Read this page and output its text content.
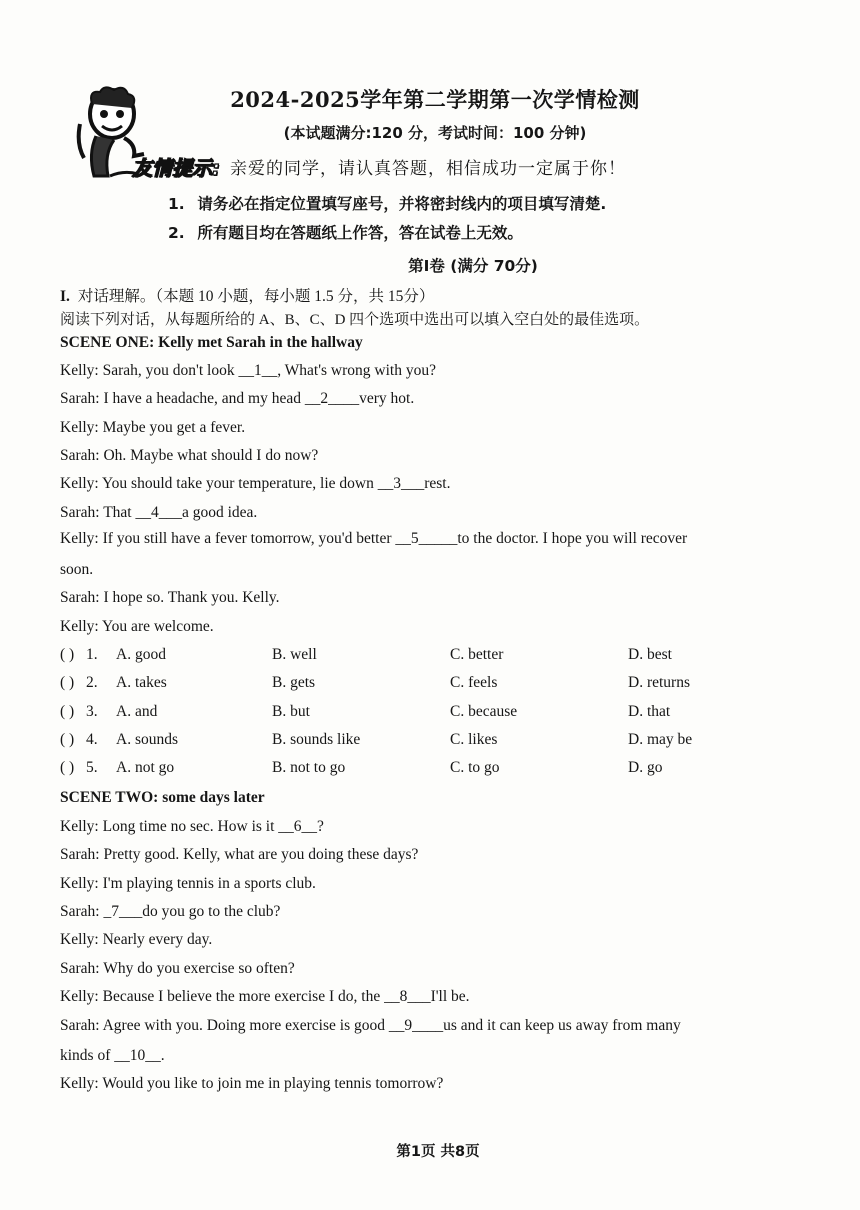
2024-2025学年第二学期第一次学情检测
(本试题满分:120 分，考试时间：100 分钟)
友情提示: 亲爱的同学，请认真答题，相信成功一定属于你！
1. 请务必在指定位置填写座号，并将密封线内的项目填写清楚.
2. 所有题目均在答题纸上作答，答在试卷上无效。
第Ⅰ卷 (满分 70分)
I. 对话理解。（本题 10 小题，每小题 1.5 分，共 15分）
阅读下列对话，从每题所给的 A、B、C、D 四个选项中选出可以填入空白处的最佳选项。
SCENE ONE: Kelly met Sarah in the hallway
Kelly: Sarah, you don't look __1__, What's wrong with you?
Sarah: I have a headache, and my head __2____very hot.
Kelly: Maybe you get a fever.
Sarah: Oh. Maybe what should I do now?
Kelly: You should take your temperature, lie down __3___rest.
Sarah: That __4___a good idea.
Kelly: If you still have a fever tomorrow, you'd better __5_____to the doctor. I hope you will recover
soon.
Sarah: I hope so. Thank you. Kelly.
Kelly: You are welcome.
( ) 1. A. good	B. well	C. better	D. best
( ) 2. A. takes	B. gets	C. feels	D. returns
( ) 3. A. and	B. but	C. because	D. that
( ) 4. A. sounds	B. sounds like	C. likes	D. may be
( ) 5. A. not go	B. not to go	C. to go	D. go
SCENE TWO: some days later
Kelly: Long time no sec. How is it __6__?
Sarah: Pretty good. Kelly, what are you doing these days?
Kelly: I'm playing tennis in a sports club.
Sarah: _7___do you go to the club?
Kelly: Nearly every day.
Sarah: Why do you exercise so often?
Kelly: Because I believe the more exercise I do, the __8___I'll be.
Sarah: Agree with you. Doing more exercise is good __9____us and it can keep us away from many
kinds of __10__.
Kelly: Would you like to join me in playing tennis tomorrow?
第1页 共8页
